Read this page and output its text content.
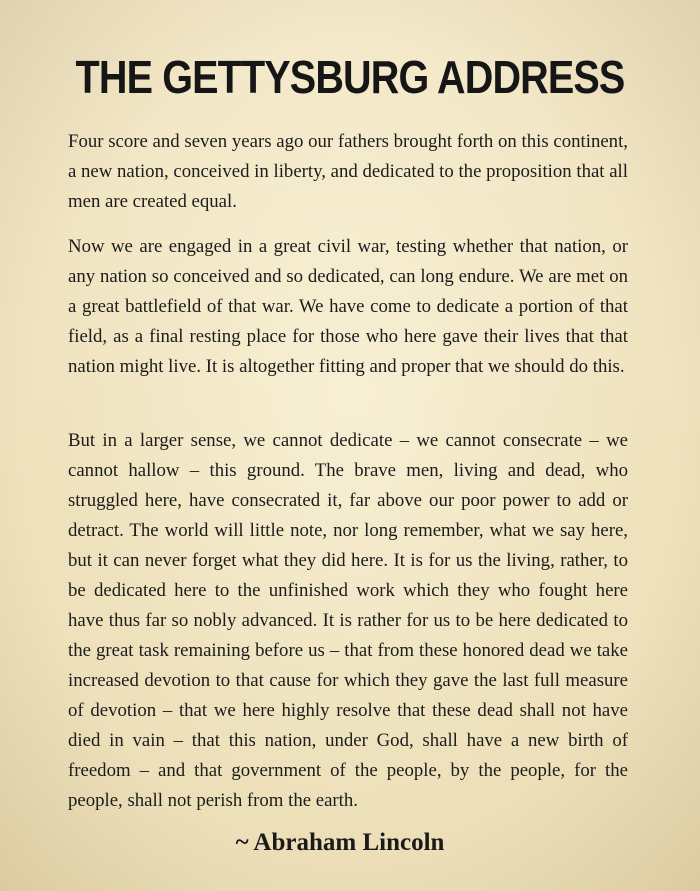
THE GETTYSBURG ADDRESS

Four score and seven years ago our fathers brought forth on this continent, a new nation, conceived in liberty, and dedicated to the proposition that all men are created equal.

Now we are engaged in a great civil war, testing whether that nation, or any nation so conceived and so dedicated, can long endure. We are met on a great battlefield of that war. We have come to dedicate a portion of that field, as a final resting place for those who here gave their lives that that nation might live. It is altogether fitting and proper that we should do this.

But in a larger sense, we cannot dedicate – we cannot consecrate – we cannot hallow – this ground. The brave men, living and dead, who struggled here, have consecrated it, far above our poor power to add or detract. The world will little note, nor long remember, what we say here, but it can never forget what they did here. It is for us the living, rather, to be dedicated here to the unfinished work which they who fought here have thus far so nobly advanced. It is rather for us to be here dedicated to the great task remaining before us – that from these honored dead we take increased devotion to that cause for which they gave the last full measure of devotion – that we here highly resolve that these dead shall not have died in vain – that this nation, under God, shall have a new birth of freedom – and that government of the people, by the people, for the people, shall not perish from the earth.

~ Abraham Lincoln
